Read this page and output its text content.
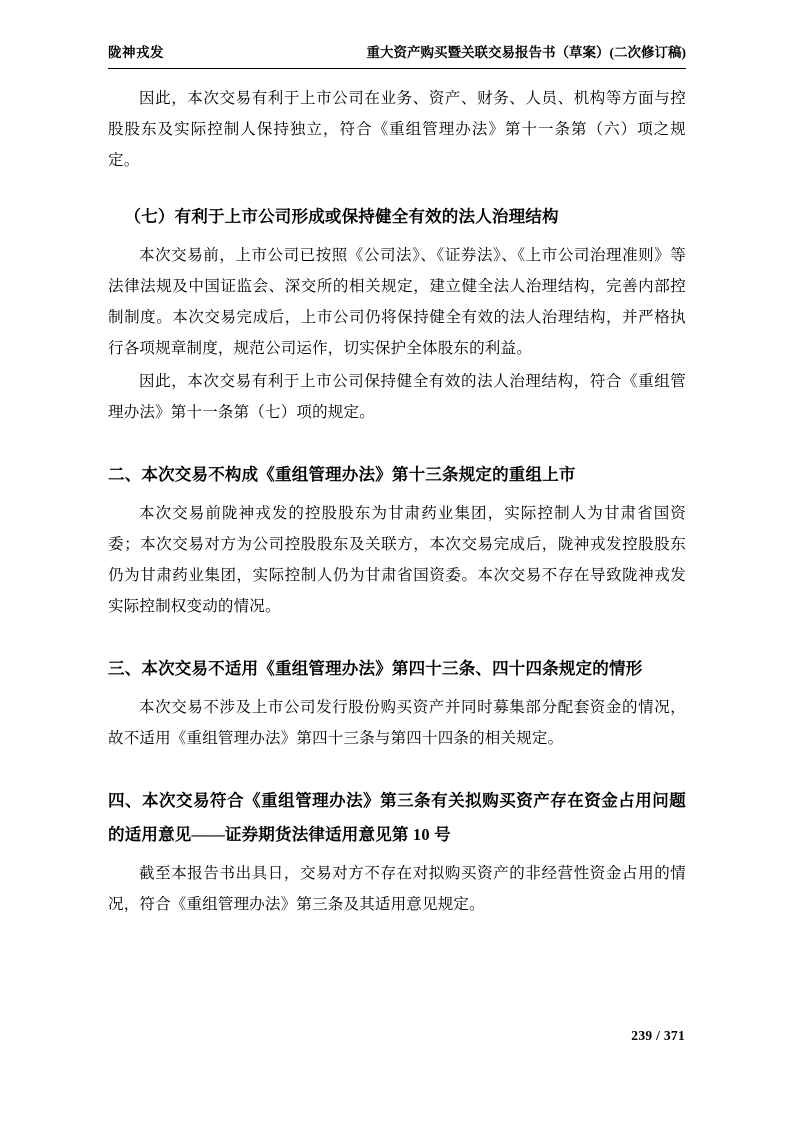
陇神戎发	重大资产购买暨关联交易报告书（草案）(二次修订稿)

因此，本次交易有利于上市公司在业务、资产、财务、人员、机构等方面与控股股东及实际控制人保持独立，符合《重组管理办法》第十一条第（六）项之规定。

（七）有利于上市公司形成或保持健全有效的法人治理结构

本次交易前，上市公司已按照《公司法》、《证券法》、《上市公司治理准则》等法律法规及中国证监会、深交所的相关规定，建立健全法人治理结构，完善内部控制制度。本次交易完成后，上市公司仍将保持健全有效的法人治理结构，并严格执行各项规章制度，规范公司运作，切实保护全体股东的利益。

因此，本次交易有利于上市公司保持健全有效的法人治理结构，符合《重组管理办法》第十一条第（七）项的规定。

二、本次交易不构成《重组管理办法》第十三条规定的重组上市

本次交易前陇神戎发的控股股东为甘肃药业集团，实际控制人为甘肃省国资委；本次交易对方为公司控股股东及关联方，本次交易完成后，陇神戎发控股股东仍为甘肃药业集团，实际控制人仍为甘肃省国资委。本次交易不存在导致陇神戎发实际控制权变动的情况。

三、本次交易不适用《重组管理办法》第四十三条、四十四条规定的情形

本次交易不涉及上市公司发行股份购买资产并同时募集部分配套资金的情况，故不适用《重组管理办法》第四十三条与第四十四条的相关规定。

四、本次交易符合《重组管理办法》第三条有关拟购买资产存在资金占用问题的适用意见——证券期货法律适用意见第 10 号

截至本报告书出具日，交易对方不存在对拟购买资产的非经营性资金占用的情况，符合《重组管理办法》第三条及其适用意见规定。

239 / 371
